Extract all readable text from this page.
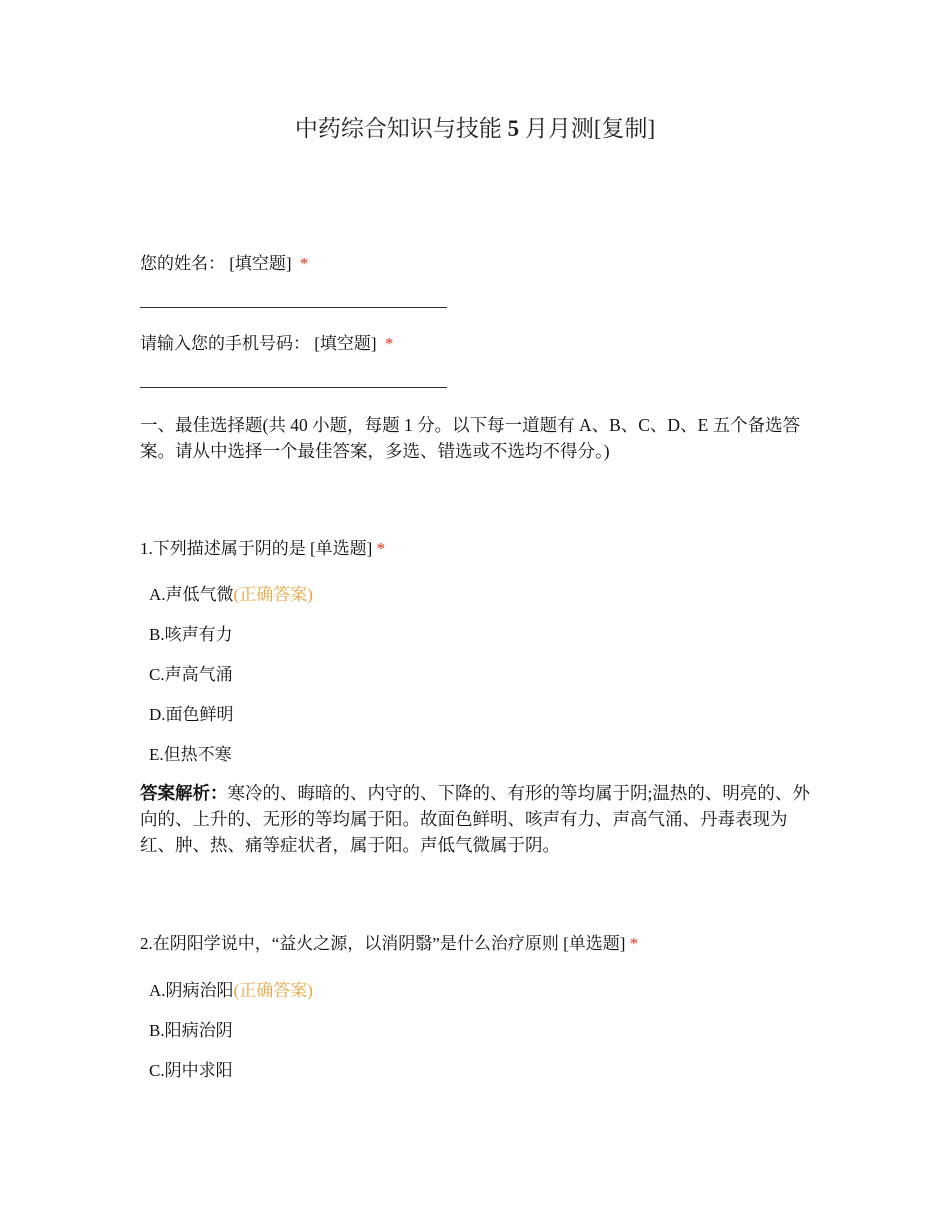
中药综合知识与技能 5 月月测[复制]
您的姓名： [填空题] *
请输入您的手机号码： [填空题] *
一、最佳选择题(共 40 小题，每题 1 分。以下每一道题有 A、B、C、D、E 五个备选答案。请从中选择一个最佳答案，多选、错选或不选均不得分。)
1.下列描述属于阴的是 [单选题] *
A.声低气微(正确答案)
B.咳声有力
C.声高气涌
D.面色鲜明
E.但热不寒
答案解析：寒冷的、晦暗的、内守的、下降的、有形的等均属于阴;温热的、明亮的、外向的、上升的、无形的等均属于阳。故面色鲜明、咳声有力、声高气涌、丹毒表现为红、肿、热、痛等症状者，属于阳。声低气微属于阴。
2.在阴阳学说中，“益火之源，以消阴翳”是什么治疗原则 [单选题] *
A.阴病治阳(正确答案)
B.阳病治阴
C.阴中求阳
